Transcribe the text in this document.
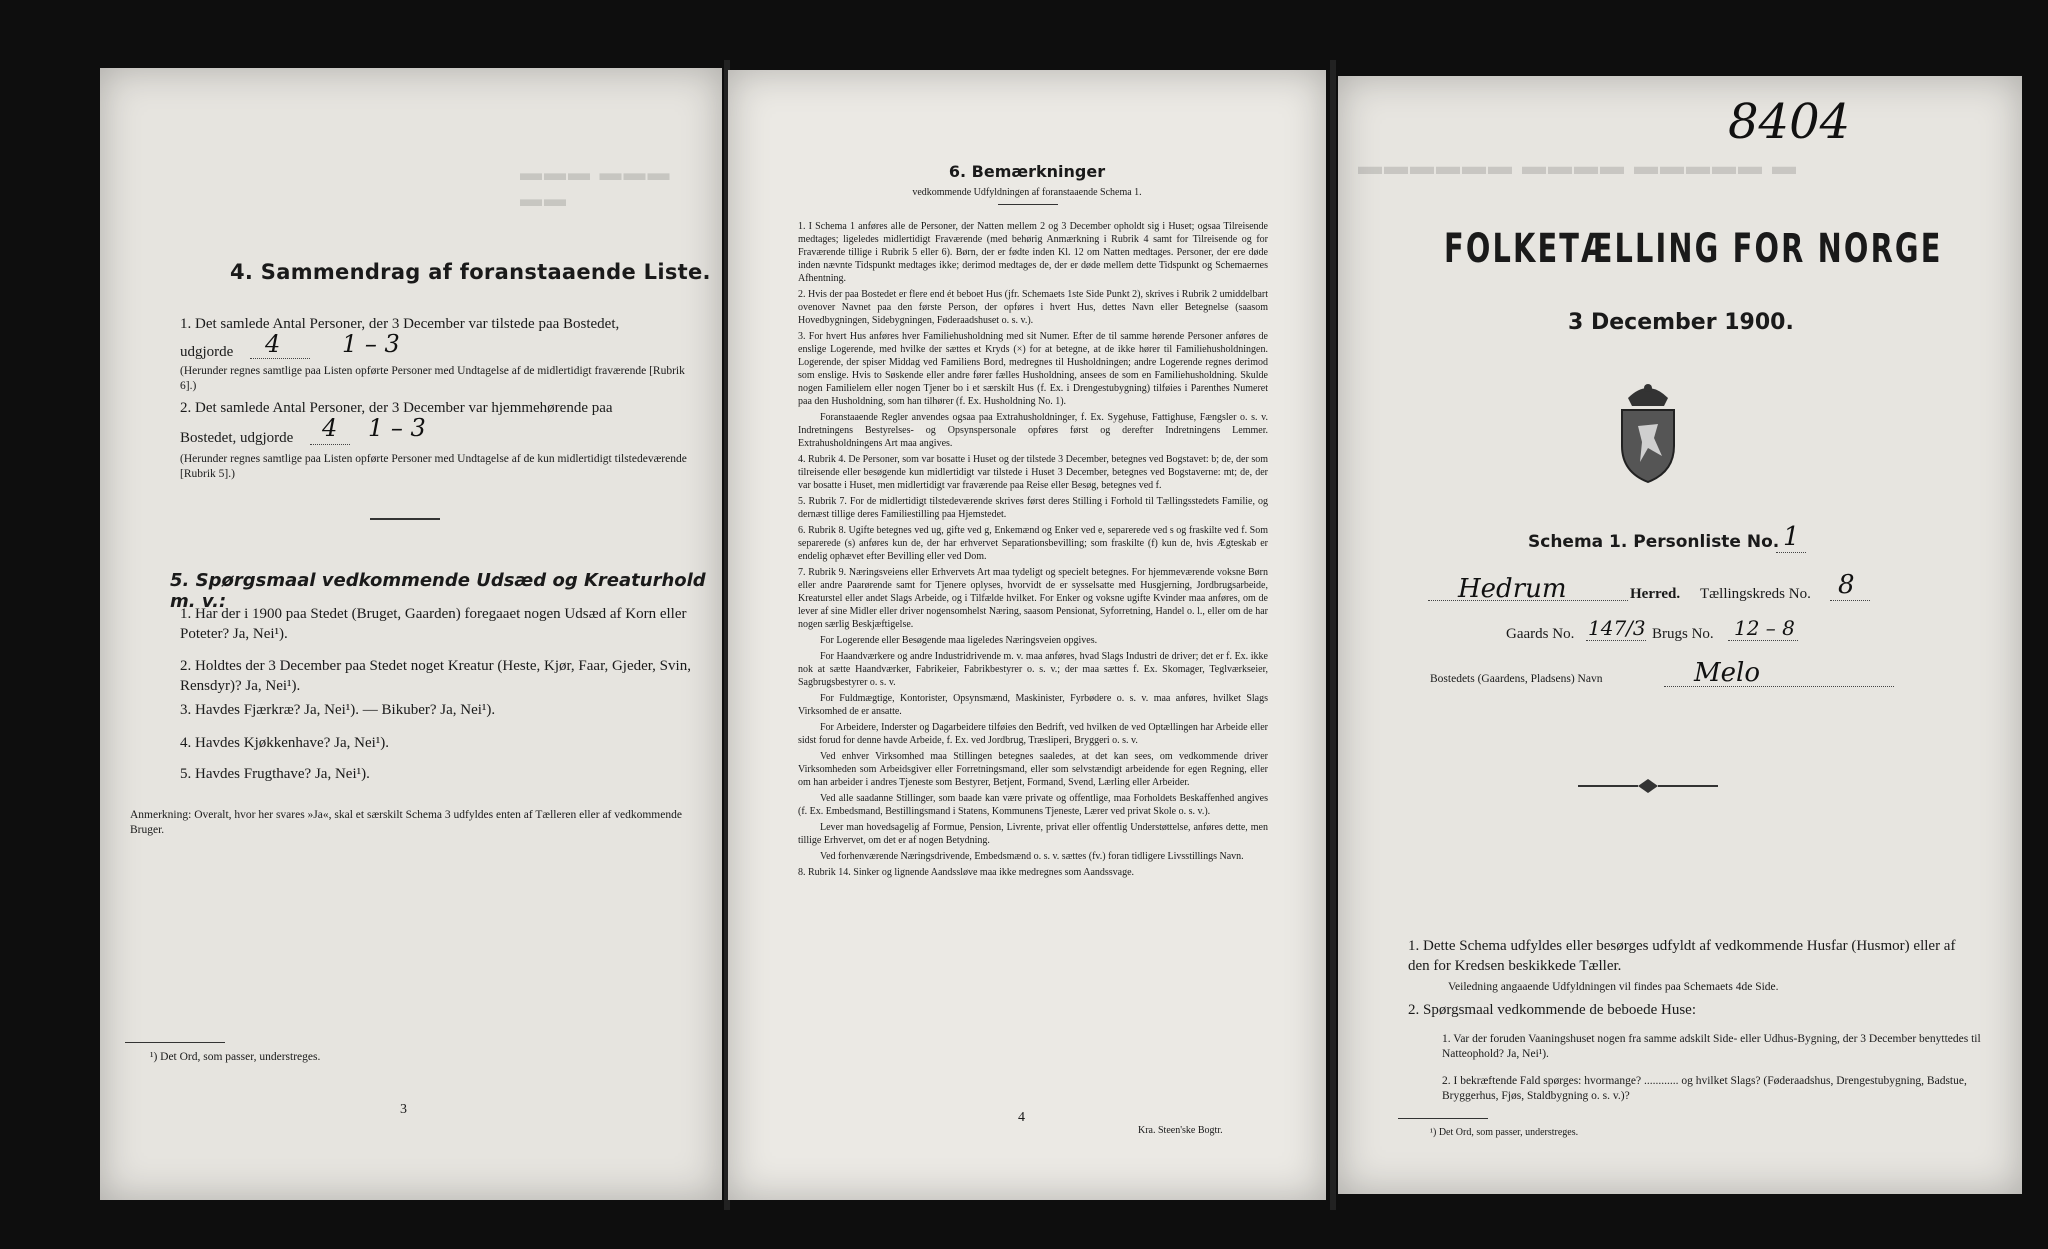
▬▬▬ ▬▬▬ ▬▬
4. Sammendrag af foranstaaende Liste.
1. Det samlede Antal Personer, der 3 December var tilstede paa Bostedet,
udgjorde 4	1 – 3
(Herunder regnes samtlige paa Listen opførte Personer med Undtagelse af de midlertidigt fraværende [Rubrik 6].)
2. Det samlede Antal Personer, der 3 December var hjemmehørende paa
Bostedet, udgjorde 4 1 – 3
(Herunder regnes samtlige paa Listen opførte Personer med Undtagelse af de kun midlertidigt tilstedeværende [Rubrik 5].)
5. Spørgsmaal vedkommende Udsæd og Kreaturhold m. v.:
1. Har der i 1900 paa Stedet (Bruget, Gaarden) foregaaet nogen Udsæd af Korn eller Poteter? Ja, Nei¹).
2. Holdtes der 3 December paa Stedet noget Kreatur (Heste, Kjør, Faar, Gjeder, Svin, Rensdyr)? Ja, Nei¹).
3. Havdes Fjærkræ? Ja, Nei¹). — Bikuber? Ja, Nei¹).
4. Havdes Kjøkkenhave? Ja, Nei¹).
5. Havdes Frugthave? Ja, Nei¹).
Anmerkning: Overalt, hvor her svares »Ja«, skal et særskilt Schema 3 udfyldes enten af Tælleren eller af vedkommende Bruger.
¹) Det Ord, som passer, understreges.
3
6. Bemærkninger
vedkommende Udfyldningen af foranstaaende Schema 1.

1. I Schema 1 anføres alle de Personer, der Natten mellem 2 og 3 December opholdt sig i Huset; ogsaa Tilreisende medtages; ligeledes midlertidigt Fraværende (med behørig Anmærkning i Rubrik 4 samt for Tilreisende og for Fraværende tillige i Rubrik 5 eller 6). Børn, der er fødte inden Kl. 12 om Natten medtages. Personer, der ere døde inden nævnte Tidspunkt medtages ikke; derimod medtages de, der er døde mellem dette Tidspunkt og Schemaernes Afhentning.

2. Hvis der paa Bostedet er flere end ét beboet Hus (jfr. Schemaets 1ste Side Punkt 2), skrives i Rubrik 2 umiddelbart ovenover Navnet paa den første Person, der opføres i hvert Hus, dettes Navn eller Betegnelse (saasom Hovedbygningen, Sidebygningen, Føderaadshuset o. s. v.).

3. For hvert Hus anføres hver Familiehusholdning med sit Numer. Efter de til samme hørende Personer anføres de enslige Logerende, med hvilke der sættes et Kryds (×) for at betegne, at de ikke hører til Familiehusholdningen. Logerende, der spiser Middag ved Familiens Bord, medregnes til Husholdningen; andre Logerende regnes derimod som enslige. Hvis to Søskende eller andre fører fælles Husholdning, ansees de som en Familiehusholdning. Skulde nogen Familielem eller nogen Tjener bo i et særskilt Hus (f. Ex. i Drengestubygning) tilføies i Parenthes Numeret paa den Husholdning, som han tilhører (f. Ex. Husholdning No. 1).

Foranstaaende Regler anvendes ogsaa paa Extrahusholdninger, f. Ex. Sygehuse, Fattighuse, Fængsler o. s. v. Indretningens Bestyrelses- og Opsynspersonale opføres først og derefter Indretningens Lemmer. Extrahusholdningens Art maa angives.

4. Rubrik 4. De Personer, som var bosatte i Huset og der tilstede 3 December, betegnes ved Bogstavet: b; de, der som tilreisende eller besøgende kun midlertidigt var tilstede i Huset 3 December, betegnes ved Bogstaverne: mt; de, der var bosatte i Huset, men midlertidigt var fraværende paa Reise eller Besøg, betegnes ved f.

5. Rubrik 7. For de midlertidigt tilstedeværende skrives først deres Stilling i Forhold til Tællingsstedets Familie, og dernæst tillige deres Familiestilling paa Hjemstedet.

6. Rubrik 8. Ugifte betegnes ved ug, gifte ved g, Enkemænd og Enker ved e, separerede ved s og fraskilte ved f. Som separerede (s) anføres kun de, der har erhvervet Separationsbevilling; som fraskilte (f) kun de, hvis Ægteskab er endelig ophævet efter Bevilling eller ved Dom.

7. Rubrik 9. Næringsveiens eller Erhvervets Art maa tydeligt og specielt betegnes. For hjemmeværende voksne Børn eller andre Paarørende samt for Tjenere oplyses, hvorvidt de er sysselsatte med Husgjerning, Jordbrugsarbeide, Kreaturstel eller andet Slags Arbeide, og i Tilfælde hvilket. For Enker og voksne ugifte Kvinder maa anføres, om de lever af sine Midler eller driver nogensomhelst Næring, saasom Pensionat, Syforretning, Handel o. l., eller om de har nogen særlig Beskjæftigelse.

For Logerende eller Besøgende maa ligeledes Næringsveien opgives.

For Haandværkere og andre Industridrivende m. v. maa anføres, hvad Slags Industri de driver; det er f. Ex. ikke nok at sætte Haandværker, Fabrikeier, Fabrikbestyrer o. s. v.; der maa sættes f. Ex. Skomager, Teglværkseier, Sagbrugsbestyrer o. s. v.

For Fuldmægtige, Kontorister, Opsynsmænd, Maskinister, Fyrbødere o. s. v. maa anføres, hvilket Slags Virksomhed de er ansatte.

For Arbeidere, Inderster og Dagarbeidere tilføies den Bedrift, ved hvilken de ved Optællingen har Arbeide eller sidst forud for denne havde Arbeide, f. Ex. ved Jordbrug, Træsliperi, Bryggeri o. s. v.

Ved enhver Virksomhed maa Stillingen betegnes saaledes, at det kan sees, om vedkommende driver Virksomheden som Arbeidsgiver eller Forretningsmand, eller som selvstændigt arbeidende for egen Regning, eller om han arbeider i andres Tjeneste som Bestyrer, Betjent, Formand, Svend, Lærling eller Arbeider.

Ved alle saadanne Stillinger, som baade kan være private og offentlige, maa Forholdets Beskaffenhed angives (f. Ex. Embedsmand, Bestillingsmand i Statens, Kommunens Tjeneste, Lærer ved privat Skole o. s. v.).

Lever man hovedsagelig af Formue, Pension, Livrente, privat eller offentlig Understøttelse, anføres dette, men tillige Erhvervet, om det er af nogen Betydning.

Ved forhenværende Næringsdrivende, Embedsmænd o. s. v. sættes (fv.) foran tidligere Livsstillings Navn.

8. Rubrik 14. Sinker og lignende Aandssløve maa ikke medregnes som Aandssvage.

4
Kra. Steen'ske Bogtr.
▬▬▬▬▬▬ ▬▬▬▬ ▬▬▬▬▬ ▬
8404
FOLKETÆLLING FOR NORGE
3 December 1900.
Schema 1. Personliste No. 1
Hedrum	Herred. Tællingskreds No. 8
Gaards No. 147/3 Brugs No. 12 – 8
Bostedets (Gaardens, Pladsens) Navn	Melo
1. Dette Schema udfyldes eller besørges udfyldt af vedkommende Husfar (Husmor) eller af den for Kredsen beskikkede Tæller.
Veiledning angaaende Udfyldningen vil findes paa Schemaets 4de Side.
2. Spørgsmaal vedkommende de beboede Huse:
1. Var der foruden Vaaningshuset nogen fra samme adskilt Side- eller Udhus-Bygning, der 3 December benyttedes til Natteophold? Ja, Nei¹).
2. I bekræftende Fald spørges: hvormange? ............ og hvilket Slags? (Føderaadshus, Drengestubygning, Badstue, Bryggerhus, Fjøs, Staldbygning o. s. v.)?
¹) Det Ord, som passer, understreges.
